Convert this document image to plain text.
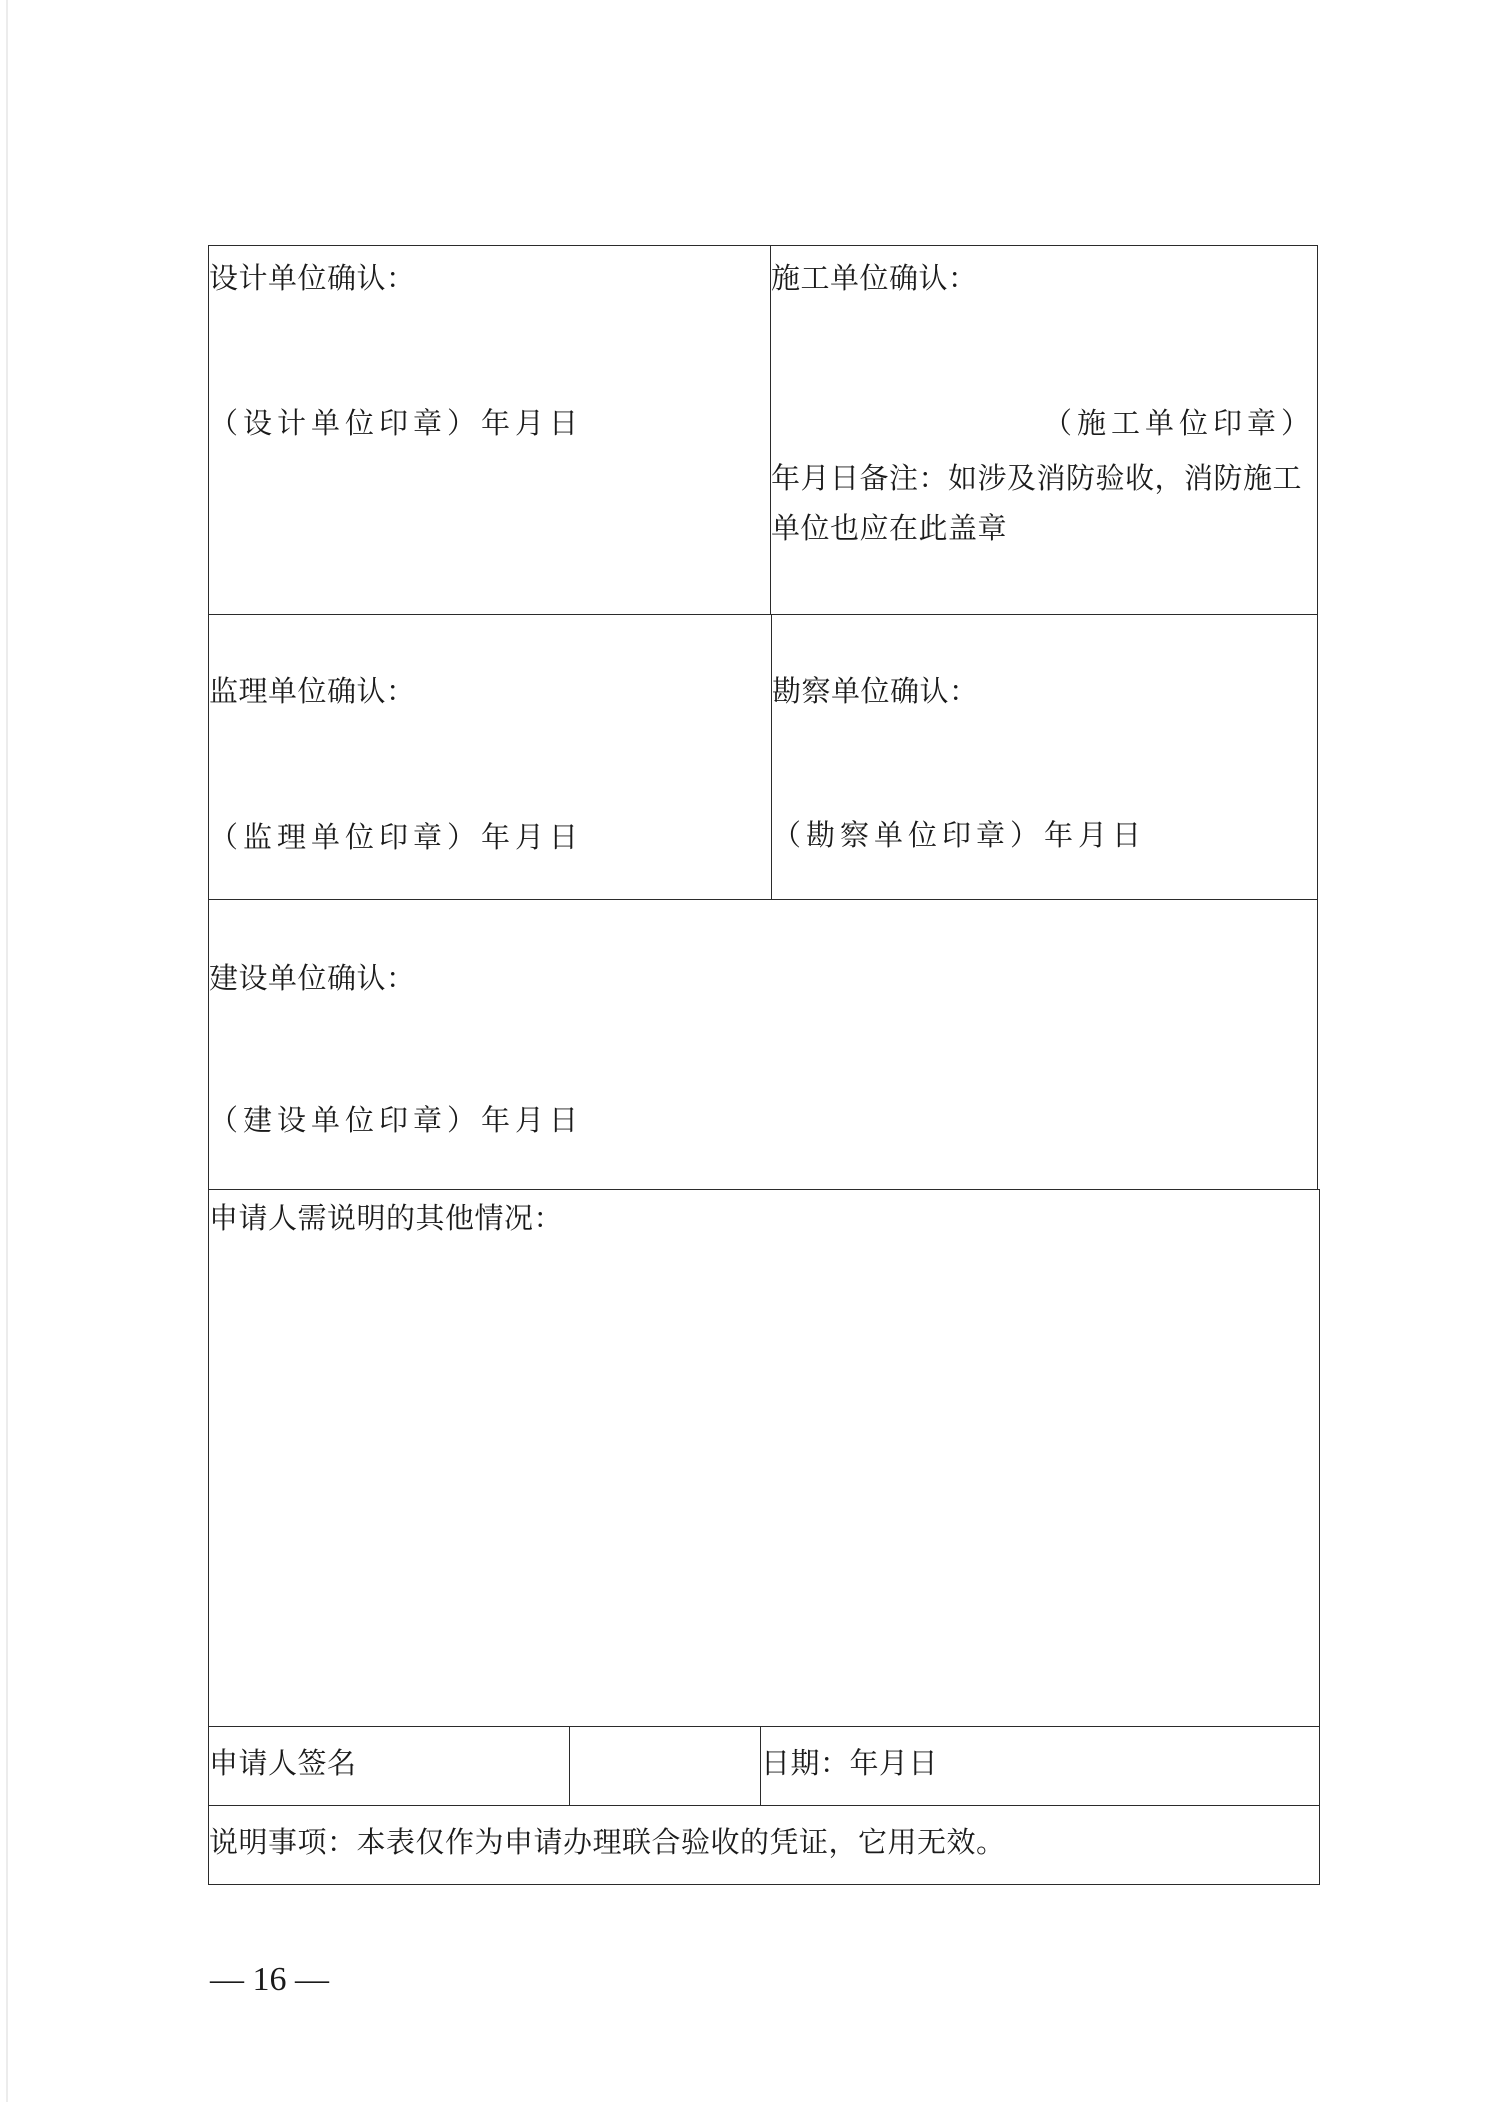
设计单位确认：
（设计单位印章）年月日
施工单位确认：
（施工单位印章）
年月日备注：如涉及消防验收，消防施工单位也应在此盖章
监理单位确认：
（监理单位印章）年月日
勘察单位确认：
（勘察单位印章）年月日
建设单位确认：
（建设单位印章）年月日
申请人需说明的其他情况：
申请人签名	日期：年月日
说明事项：本表仅作为申请办理联合验收的凭证，它用无效。
— 16 —
